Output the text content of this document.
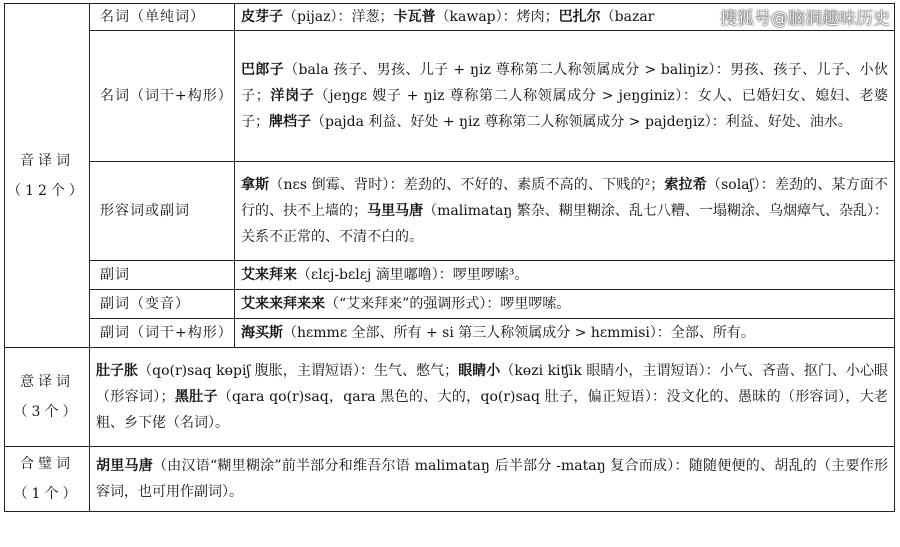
音译词
（12个）	名词（单纯词）	皮芽子（pijaz）：洋葱；卡瓦普（kawap）：烤肉；巴扎尔（bazar
	名词（词干+构形）	巴郎子（bala 孩子、男孩、儿子 + ŋiz 尊称第二人称领属成分 > baliŋiz）：男孩、孩子、儿子、小伙子；洋岗子（jeŋgɛ 嫂子 + ŋiz 尊称第二人称领属成分 > jeŋginiz）：女人、已婚妇女、媳妇、老婆子；牌档子（pajda 利益、好处 + ŋiz 尊称第二人称领属成分 > pajdeŋiz）：利益、好处、油水。
	形容词或副词	拿斯（nɛs 倒霉、背时）：差劲的、不好的、素质不高的、下贱的²；索拉希（solaʃ）：差劲的、某方面不行的、扶不上墙的；马里马唐（malimataŋ 繁杂、糊里糊涂、乱七八糟、一塌糊涂、乌烟瘴气、杂乱）：关系不正常的、不清不白的。
	副词	艾来拜来（ɛlɛj-bɛlɛj 滴里嘟噜）：啰里啰嗦³。
	副词（变音）	艾来来拜来来（“艾来拜来”的强调形式）：啰里啰嗦。
	副词（词干+构形）	海买斯（hɛmmɛ 全部、所有 + si 第三人称领属成分 > hɛmmisi）：全部、所有。

意译词
（3个）	肚子胀（qo(r)saq kɵpiʃ 腹胀，主谓短语）：生气、憋气；眼睛小（kɵzi kiʧik 眼睛小，主谓短语）：小气、吝啬、抠门、小心眼（形容词）；黑肚子（qara qo(r)saq，qara 黑色的、大的，qo(r)saq 肚子，偏正短语）：没文化的、愚昧的（形容词），大老粗、乡下佬（名词）。	

合璧词
（1个）	胡里马唐（由汉语“糊里糊涂”前半部分和维吾尔语 malimataŋ 后半部分 -mataŋ 复合而成）：随随便便的、胡乱的（主要作形容词，也可用作副词）。	
搜狐号@脑洞趣味历史
